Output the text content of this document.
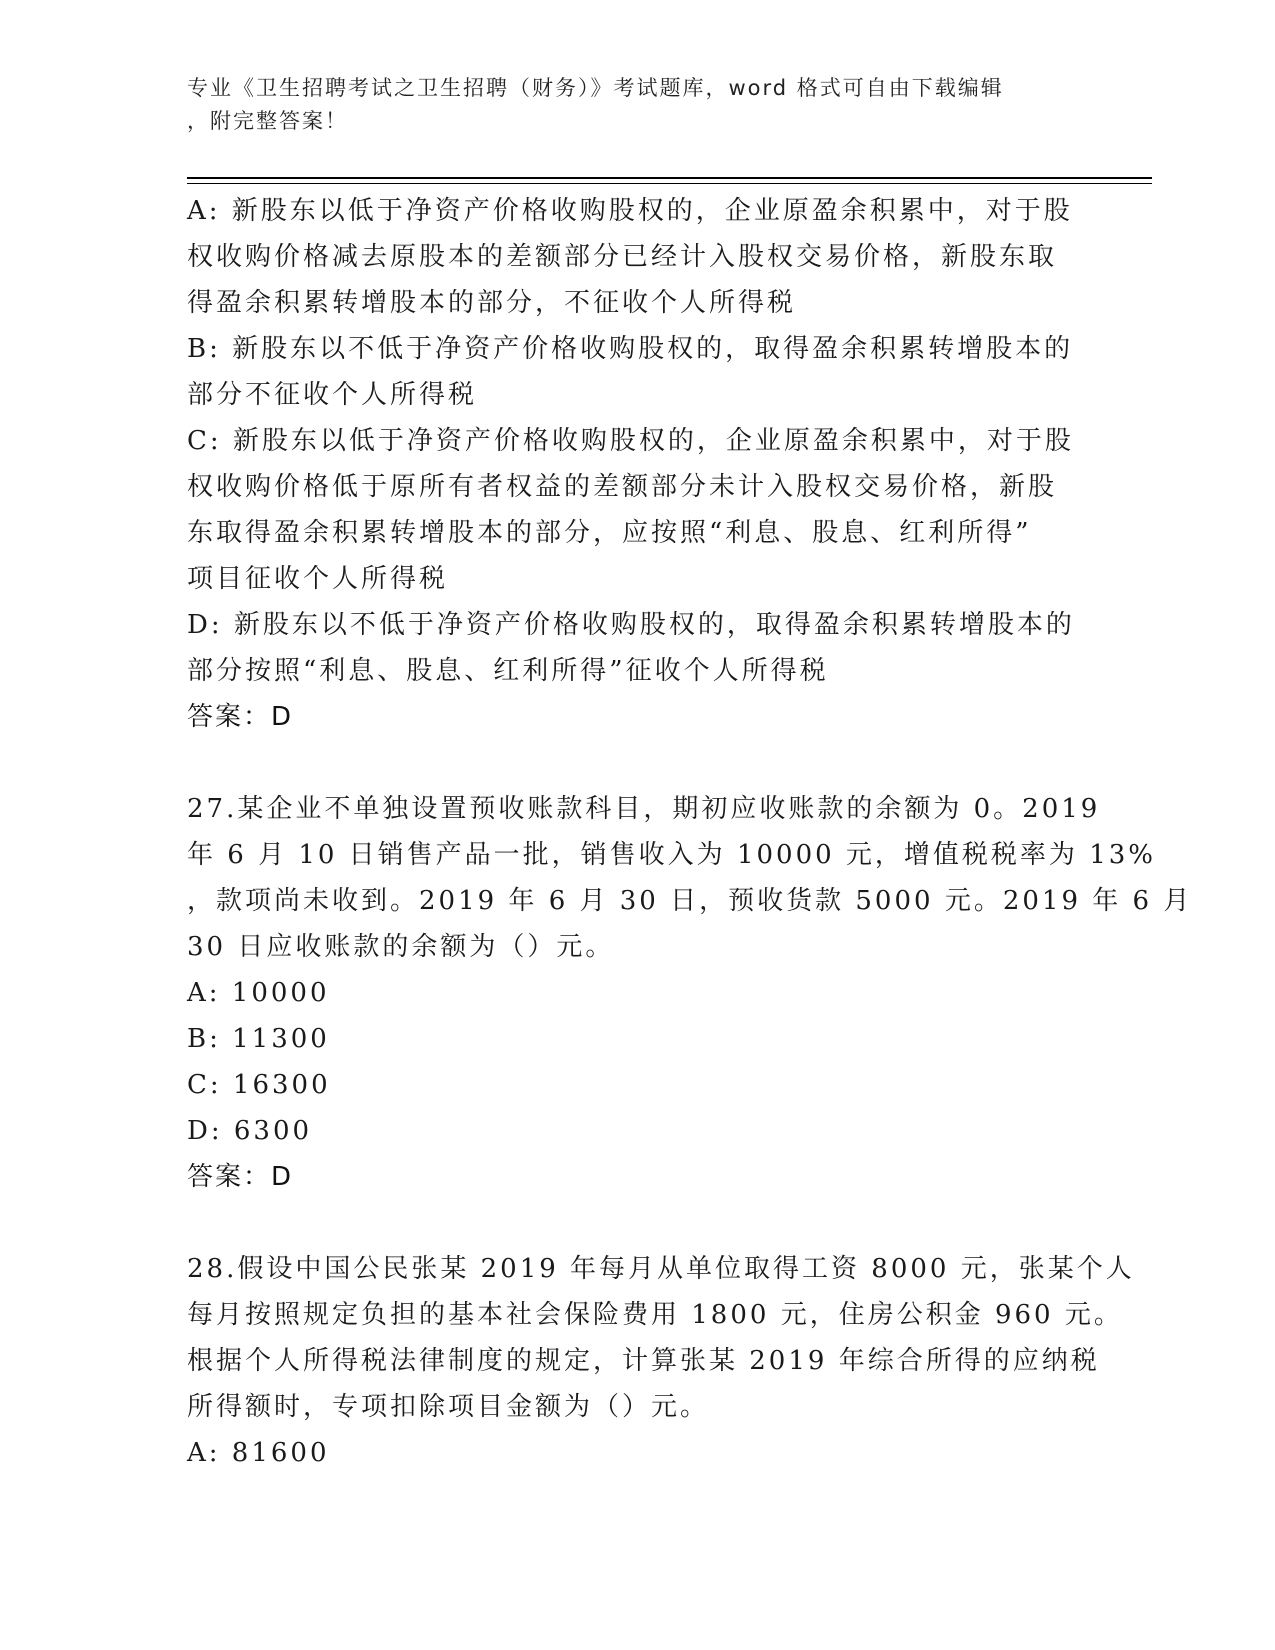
专业《卫生招聘考试之卫生招聘（财务）》考试题库，word 格式可自由下载编辑
，附完整答案！
A: 新股东以低于净资产价格收购股权的，企业原盈余积累中，对于股
权收购价格减去原股本的差额部分已经计入股权交易价格，新股东取
得盈余积累转增股本的部分，不征收个人所得税
B: 新股东以不低于净资产价格收购股权的，取得盈余积累转增股本的
部分不征收个人所得税
C: 新股东以低于净资产价格收购股权的，企业原盈余积累中，对于股
权收购价格低于原所有者权益的差额部分未计入股权交易价格，新股
东取得盈余积累转增股本的部分，应按照“利息、股息、红利所得”
项目征收个人所得税
D: 新股东以不低于净资产价格收购股权的，取得盈余积累转增股本的
部分按照“利息、股息、红利所得”征收个人所得税
答案：D
27.某企业不单独设置预收账款科目，期初应收账款的余额为 0。2019
年 6 月 10 日销售产品一批，销售收入为 10000 元，增值税税率为 13%
，款项尚未收到。2019 年 6 月 30 日，预收货款 5000 元。2019 年 6 月
30 日应收账款的余额为（）元。
A: 10000
B: 11300
C: 16300
D: 6300
答案：D
28.假设中国公民张某 2019 年每月从单位取得工资 8000 元，张某个人
每月按照规定负担的基本社会保险费用 1800 元，住房公积金 960 元。
根据个人所得税法律制度的规定，计算张某 2019 年综合所得的应纳税
所得额时，专项扣除项目金额为（）元。
A: 81600
